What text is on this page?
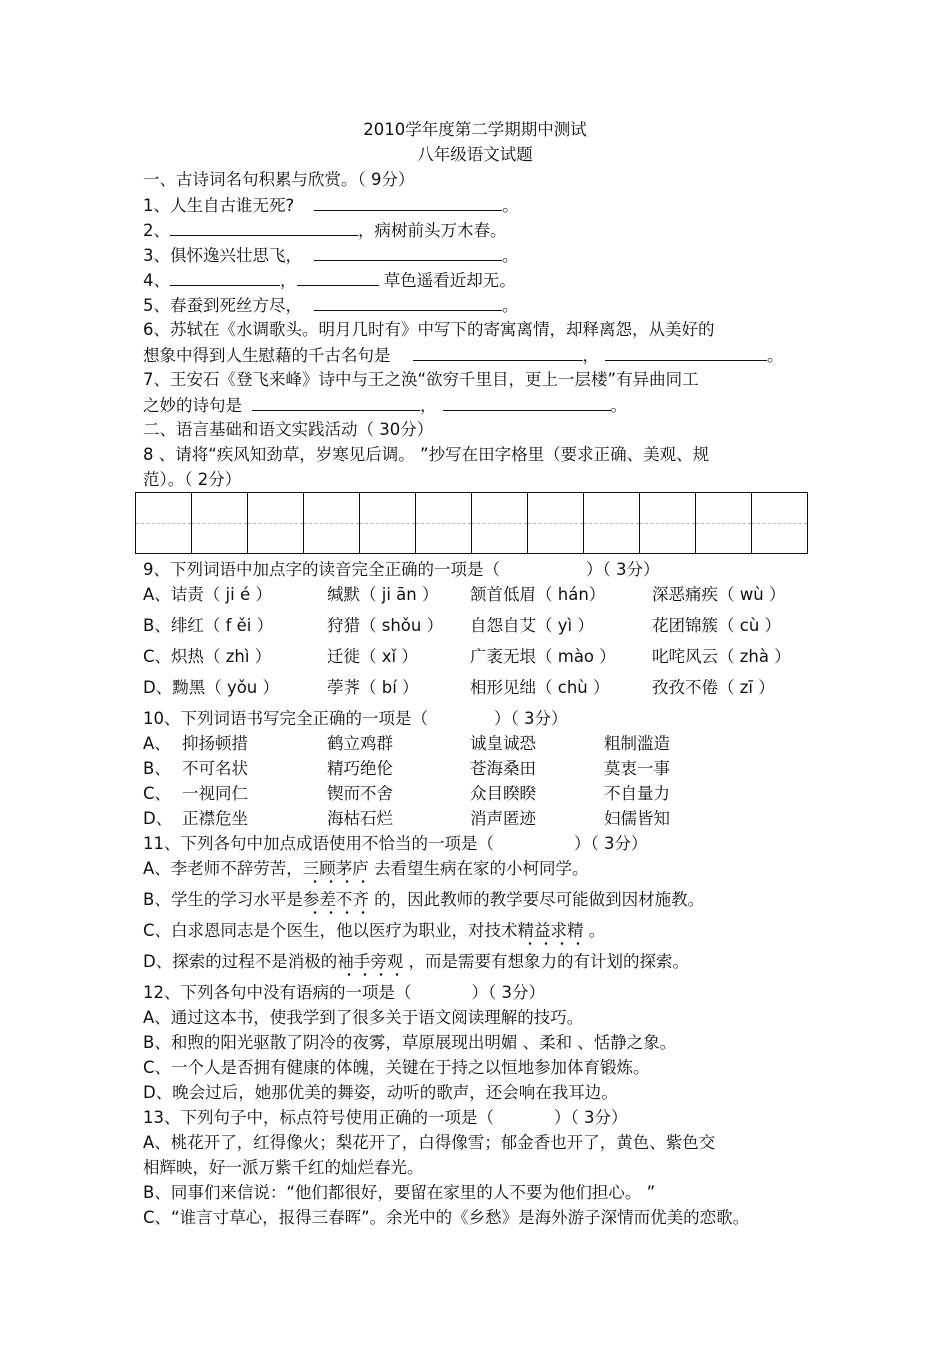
2010学年度第二学期期中测试
八年级语文试题
一、古诗词名句积累与欣赏。（ 9分）
1、人生自古谁无死?	。
2、	，病树前头万木春。
3、俱怀逸兴壮思飞，	。
4、	，	草色遥看近却无。
5、春蚕到死丝方尽，	。
6、苏轼在《水调歌头。明月几时有》中写下的寄寓离情，却释离怨，从美好的
想象中得到人生慰藉的千古名句是	，	。
7、王安石《登飞来峰》诗中与王之涣“欲穷千里目，更上一层楼”有异曲同工
之妙的诗句是	，	。
二、语言基础和语文实践活动（ 30分）
8 、请将“疾风知劲草，岁寒见后调。 ”抄写在田字格里（要求正确、美观、规
范）。（ 2分）
9、下列词语中加点字的读音完全正确的一项是（	）（ 3分）
A、诘责（ ji é ）	缄默（ ji ān ） 颔首低眉（ hán）	深恶痛疾（ wù ）
B、绯红（ f ěi ）	狩猎（ shǒu ） 自怨自艾（ yì ）	花团锦簇（ cù ）
C、炽热（ zhì ）	迁徙（ xǐ ）	广袤无垠（ mào ） 叱咤风云（ zhà ）
D、黝黑（ yǒu ）	荸荠（ bí ）	相形见绌（ chù ）	孜孜不倦（ zī ）
10、下列词语书写完全正确的一项是（	）（ 3分）
A、 抑扬顿措	鹤立鸡群	诚皇诚恐	粗制滥造
B、 不可名状	精巧绝伦	苍海桑田	莫衷一事
C、 一视同仁	锲而不舍	众目睽睽	不自量力
D、 正襟危坐	海枯石烂	消声匿迹	妇儒皆知
11、下列各句中加点成语使用不恰当的一项是（	）（ 3分）
A、李老师不辞劳苦，三顾茅庐 去看望生病在家的小柯同学。
B、学生的学习水平是参差不齐 的，因此教师的教学要尽可能做到因材施教。
C、白求恩同志是个医生，他以医疗为职业，对技术精益求精 。
D、探索的过程不是消极的袖手旁观 ，而是需要有想象力的有计划的探索。
12、下列各句中没有语病的一项是（	）（ 3分）
A、通过这本书，使我学到了很多关于语文阅读理解的技巧。
B、和煦的阳光驱散了阴冷的夜雾，草原展现出明媚 、柔和 、恬静之象。
C、一个人是否拥有健康的体魄，关键在于持之以恒地参加体育锻炼。
D、晚会过后，她那优美的舞姿，动听的歌声，还会响在我耳边。
13、下列句子中，标点符号使用正确的一项是（	）（ 3分）
A、桃花开了，红得像火；梨花开了，白得像雪；郁金香也开了，黄色、紫色交
相辉映，好一派万紫千红的灿烂春光。
B、同事们来信说：“他们都很好，要留在家里的人不要为他们担心。 ”
C、“谁言寸草心，报得三春晖”。余光中的《乡愁》是海外游子深情而优美的恋歌。
